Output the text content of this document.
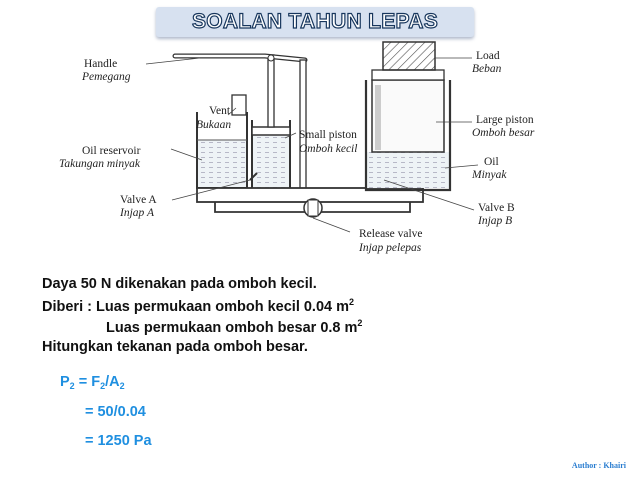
SOALAN TAHUN LEPAS
Handle
Pemegang
Vent
Bukaan
Small piston
Omboh kecil
Oil reservoir
Takungan minyak
Valve A
Injap A
Load
Beban
Large piston
Omboh besar
Oil
Minyak
Valve B
Injap B
Release valve
Injap pelepas
Daya 50 N dikenakan pada omboh kecil.
Diberi : Luas permukaan omboh kecil 0.04 $m^2$
Luas permukaan omboh besar 0.8 $m^2$
Hitungkan tekanan pada omboh besar.
$P_2 = F_2/A_2$
= 50/0.04
= 1250 Pa
Author : Khairi
